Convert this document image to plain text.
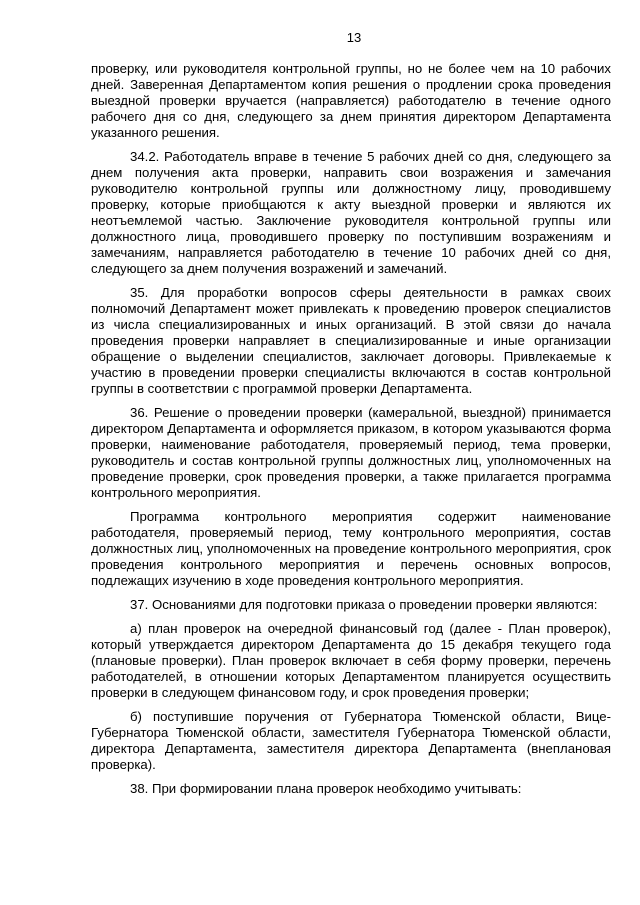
13

проверку, или руководителя контрольной группы, но не более чем на 10 рабочих дней. Заверенная Департаментом копия решения о продлении срока проведения выездной проверки вручается (направляется) работодателю в течение одного рабочего дня со дня, следующего за днем принятия директором Департамента указанного решения.

34.2. Работодатель вправе в течение 5 рабочих дней со дня, следующего за днем получения акта проверки, направить свои возражения и замечания руководителю контрольной группы или должностному лицу, проводившему проверку, которые приобщаются к акту выездной проверки и являются их неотъемлемой частью. Заключение руководителя контрольной группы или должностного лица, проводившего проверку по поступившим возражениям и замечаниям, направляется работодателю в течение 10 рабочих дней со дня, следующего за днем получения возражений и замечаний.

35. Для проработки вопросов сферы деятельности в рамках своих полномочий Департамент может привлекать к проведению проверок специалистов из числа специализированных и иных организаций. В этой связи до начала проведения проверки направляет в специализированные и иные организации обращение о выделении специалистов, заключает договоры. Привлекаемые к участию в проведении проверки специалисты включаются в состав контрольной группы в соответствии с программой проверки Департамента.

36. Решение о проведении проверки (камеральной, выездной) принимается директором Департамента и оформляется приказом, в котором указываются форма проверки, наименование работодателя, проверяемый период, тема проверки, руководитель и состав контрольной группы должностных лиц, уполномоченных на проведение проверки, срок проведения проверки, а также прилагается программа контрольного мероприятия.

Программа контрольного мероприятия содержит наименование работодателя, проверяемый период, тему контрольного мероприятия, состав должностных лиц, уполномоченных на проведение контрольного мероприятия, срок проведения контрольного мероприятия и перечень основных вопросов, подлежащих изучению в ходе проведения контрольного мероприятия.

37. Основаниями для подготовки приказа о проведении проверки являются:

а) план проверок на очередной финансовый год (далее - План проверок), который утверждается директором Департамента до 15 декабря текущего года (плановые проверки). План проверок включает в себя форму проверки, перечень работодателей, в отношении которых Департаментом планируется осуществить проверки в следующем финансовом году, и срок проведения проверки;

б) поступившие поручения от Губернатора Тюменской области, Вице-Губернатора Тюменской области, заместителя Губернатора Тюменской области, директора Департамента, заместителя директора Департамента (внеплановая проверка).

38. При формировании плана проверок необходимо учитывать:
